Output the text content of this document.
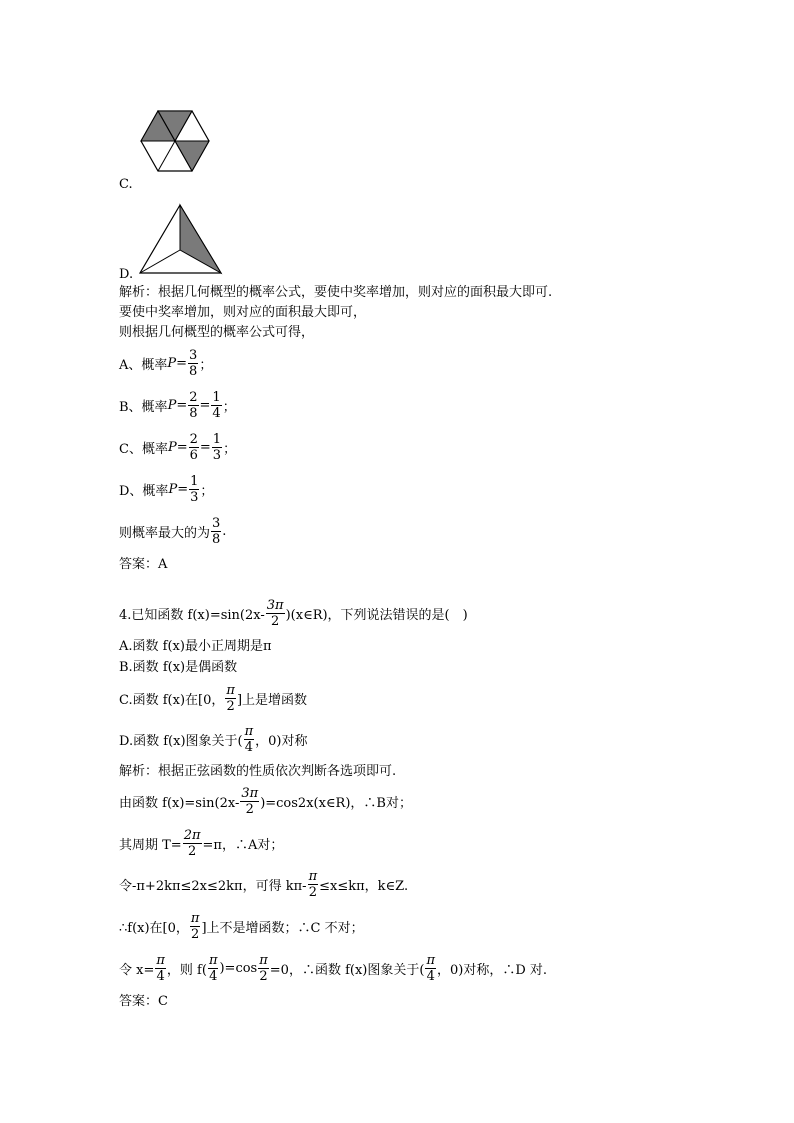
C.
D.
解析：根据几何概型的概率公式，要使中奖率增加，则对应的面积最大即可.
要使中奖率增加，则对应的面积最大即可，
则根据几何概型的概率公式可得，
A、概率 $P = \frac{3}{8}$ ；
B、概率 $P = \frac{2}{8} = \frac{1}{4}$ ；
C、概率 $P = \frac{2}{6} = \frac{1}{3}$ ；
D、概率 $P = \frac{1}{3}$ ；
则概率最大的为 $\frac{3}{8}$ .
答案：A
4.已知函数 $f(x)=\sin(2x- \frac{3\pi}{2}$ )(x∈R)，下列说法错误的是(　)
A.函数 f(x)最小正周期是π
B.函数 f(x)是偶函数
C.函数 f(x)在[0， $\frac{\pi}{2}$ ]上是增函数
D.函数 f(x)图象关于( $\frac{\pi}{4}$ ，0)对称
解析：根据正弦函数的性质依次判断各选项即可.
由函数 $f(x)=\sin(2x- \frac{3\pi}{2}$ )=cos2x(x∈R)，∴B对；
其周期 $T= \frac{2\pi}{2} =\pi$，∴A对；
令-π+2kπ≤2x≤2kπ，可得 $k\pi- \frac{\pi}{2} \le x\le k\pi$，k∈Z.
∴f(x)在[0， $\frac{\pi}{2}$ ]上不是增函数；∴C 不对；
令 $x= \frac{\pi}{4}$ ，则 $f( \frac{\pi}{4} )=\cos \frac{\pi}{2} =0$，∴函数 f(x)图象关于( $\frac{\pi}{4}$ ，0)对称，∴D 对.
答案：C
